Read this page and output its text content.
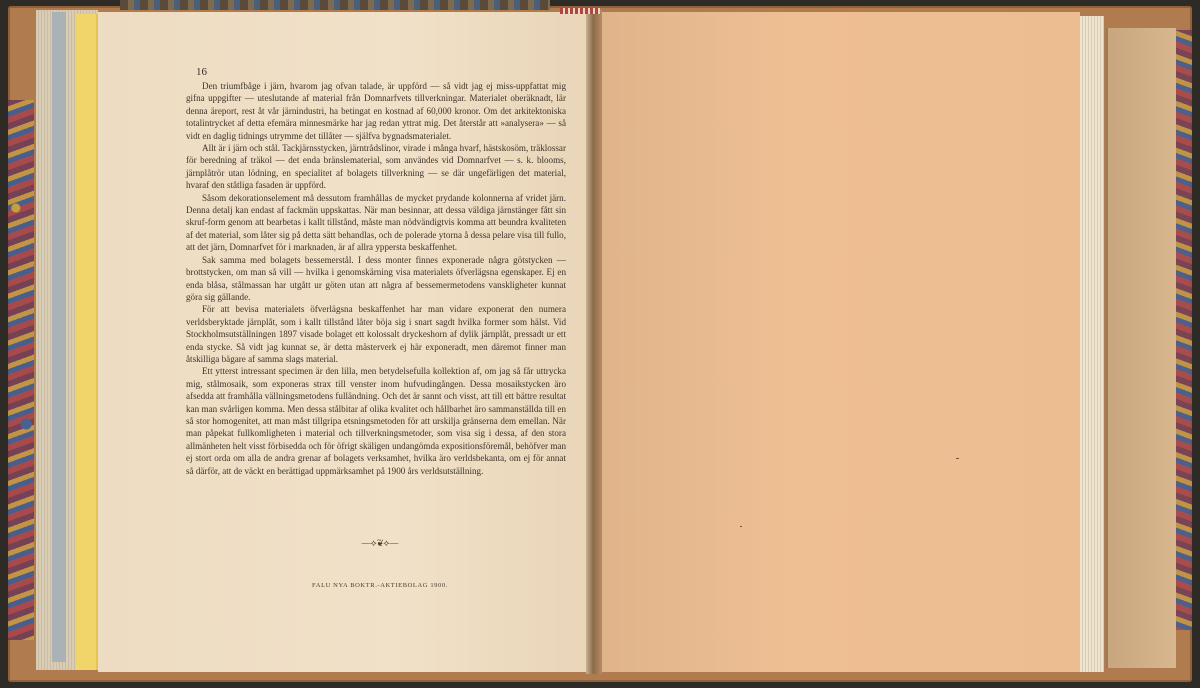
16

Den triumfbåge i järn, hvarom jag ofvan talade, är uppförd — så vidt jag ej miss-uppfattat mig gifna uppgifter — uteslutande af material från Domnarfvets tillverkningar. Materialet oberäknadt, lär denna äreport, rest åt vår järnindustri, ha betingat en kostnad af 60,000 kronor. Om det arkitektoniska totalintrycket af detta efemära minnesmärke har jag redan yttrat mig. Det återstår att »analysera» — så vidt en daglig tidnings utrymme det tillåter — själfva bygnadsmaterialet.

Allt är i järn och stål. Tackjärnsstycken, järntrådslinor, virade i många hvarf, hästskosöm, träklossar för beredning af träkol — det enda bränslematerial, som användes vid Domnarfvet — s. k. blooms, järnplåtrör utan lödning, en specialitet af bolagets tillverkning — se där ungefärligen det material, hvaraf den ståtliga fasaden är uppförd.

Såsom dekorationselement må dessutom framhållas de mycket prydande kolonnerna af vridet järn. Denna detalj kan endast af fackmän uppskattas. När man besinnar, att dessa väldiga järnstänger fått sin skruf-form genom att bearbetas i kallt tillstånd, måste man nödvändigtvis komma att beundra kvaliteten af det material, som låter sig på detta sätt behandlas, och de polerade ytorna å dessa pelare visa till fullo, att det järn, Domnarfvet för i marknaden, är af allra yppersta beskaffenhet.

Sak samma med bolagets bessemerstål. I dess monter finnes exponerade några götstycken — brottstycken, om man så vill — hvilka i genomskärning visa materialets öfverlägsna egenskaper. Ej en enda blåsa, stålmassan har utgått ur göten utan att några af bessemermetodens vanskligheter kunnat göra sig gällande.

För att bevisa materialets öfverlägsna beskaffenhet har man vidare exponerat den numera verldsberyktade järnplåt, som i kallt tillstånd låter böja sig i snart sagdt hvilka former som hälst. Vid Stockholmsutställningen 1897 visade bolaget ett kolossalt dryckeshorn af dylik järnplåt, pressadt ur ett enda stycke. Så vidt jag kunnat se, är detta mästerverk ej här exponeradt, men däremot finner man åtskilliga bägare af samma slags material.

Ett ytterst intressant specimen är den lilla, men betydelsefulla kollektion af, om jag så får uttrycka mig, stålmosaik, som exponeras strax till venster inom hufvudingången. Dessa mosaikstycken äro afsedda att framhålla vällningsmetodens fulländning. Och det är sannt och visst, att till ett bättre resultat kan man svårligen komma. Men dessa stålbitar af olika kvalitet och hållbarhet äro sammanställda till en så stor homogenitet, att man måst tillgripa etsningsmetoden för att urskilja gränserna dem emellan. När man påpekat fullkomligheten i material och tillverkningsmetoder, som visa sig i dessa, af den stora allmänheten helt visst förbisedda och för öfrigt skäligen undangömda expositionsföremål, behöfver man ej stort orda om alla de andra grenar af bolagets verksamhet, hvilka äro verldsbekanta, om ej för annat så därför, att de väckt en berättigad uppmärksamhet på 1900 års verldsutställning.

—⟡❦⟡—
FALU NYA BOKTR.-AKTIEBOLAG 1900.
